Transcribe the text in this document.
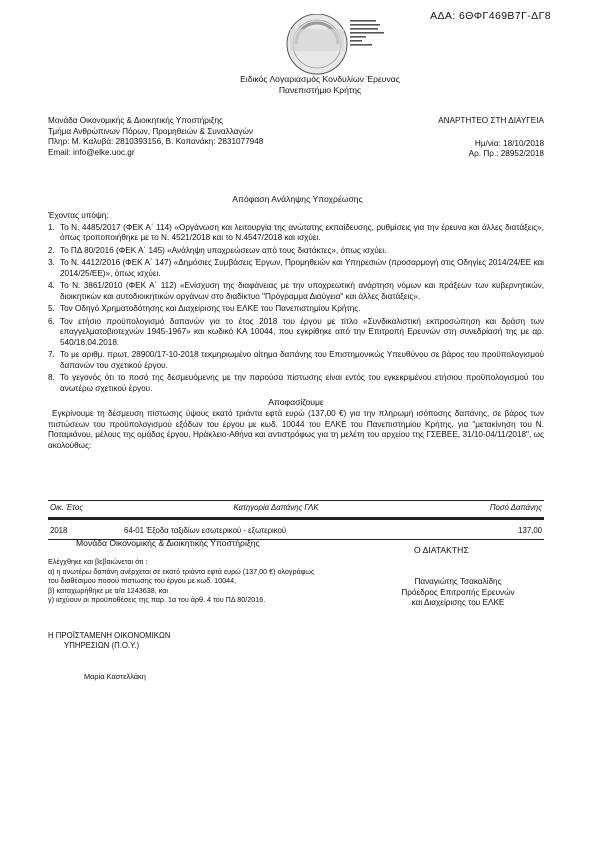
ΑΔΑ: 6ΘΦΓ469Β7Γ-ΔΓ8
Ειδικός Λογαριασμός Κονδυλίων Έρευνας
Πανεπιστήμιο Κρήτης
Μονάδα Οικονομικής & Διοικητικής Υποστήριξης
Τμήμα Ανθρώπινων Πόρων, Προμηθειών & Συναλλαγών
Πληρ: Μ. Καλυβά: 2810393156, Β. Κοπανάκη: 2831077948
Email: info@elke.uoc.gr
ΑΝΑΡΤΗΤΕΟ ΣΤΗ ΔΙΑΥΓΕΙΑ
Ημ/νία: 18/10/2018
Αρ. Πρ.: 28952/2018
Απόφαση Ανάληψης Υποχρέωσης
Έχοντας υπόψη:
1. Το Ν. 4485/2017 (ΦΕΚ Α΄ 114) «Οργάνωση και λειτουργία της ανώτατης εκπαίδευσης, ρυθμίσεις για την έρευνα και άλλες διατάξεις», όπως τροποποιήθηκε με το Ν. 4521/2018 και το Ν.4547/2018 και ισχύει.
2. Το ΠΔ 80/2016 (ΦΕΚ Α΄ 145) «Ανάληψη υποχρεώσεων από τους διατάκτες», όπως ισχύει.
3. Το Ν. 4412/2016 (ΦΕΚ Α΄ 147) «Δημόσιες Συμβάσεις Έργων, Προμηθειών και Υπηρεσιών (προσαρμογή στις Οδηγίες 2014/24/ΕΕ και 2014/25/ΕΕ)», όπως ισχύει.
4. Το Ν. 3861/2010 (ΦΕΚ Α΄ 112) «Ενίσχυση της διαφάνειας με την υποχρεωτική ανάρτηση νόμων και πράξεων των κυβερνητικών, διοικητικών και αυτοδιοικητικών οργάνων στο διαδίκτυο "Πρόγραμμα Διαύγεια" και άλλες διατάξεις».
5. Τον Οδηγό Χρηματοδότησης και Διαχείρισης του ΕΛΚΕ του Πανεπιστημίου Κρήτης.
6. Τον ετήσιο προϋπολογισμό δαπανών για το έτος 2018 του έργου με τίτλο «Συνδικαλιστική εκπροσώπηση και δράση των επαγγελματοβιοτεχνών 1945-1967» και κωδικό ΚΑ 10044, που εγκρίθηκε από την Επιτροπή Ερευνών στη συνεδρίασή της με αρ. 540/18.04.2018.
7. Το με αριθμ. πρωτ. 28900/17-10-2018 τεκμηριωμένο αίτημα δαπάνης του Επιστημονικώς Υπευθύνου σε βάρος του προϋπολογισμού δαπανών του σχετικού έργου.
8. Το γεγονός ότι το ποσό της δεσμευόμενης με την παρούσα πίστωσης είναι εντός του εγκεκριμένου ετήσιου προϋπολογισμού του ανωτέρω σχετικού έργου.
Αποφασίζουμε
Εγκρίνουμε τη δέσμευση πίστωσης ύψους εκατό τριάντα εφτά ευρώ (137,00 €) για την πληρωμή ισόποσης δαπάνης, σε βάρος των πιστώσεων του προϋπολογισμού εξόδων του έργου με κωδ. 10044 του ΕΛΚΕ του Πανεπιστημίου Κρήτης, για "μετακίνηση του Ν. Ποταμιάνου, μέλους της ομάδας έργου, Ηράκλειο-Αθήνα και αντιστρόφως για τη μελέτη του αρχείου της ΓΣΕΒΕΕ, 31/10-04/11/2018", ως ακολούθως:
Οικ. Έτος	Κατηγορία Δαπάνης ΓΛΚ	Ποσό Δαπάνης

2018	64-01 Έξοδα ταξιδίων εσωτερικού - εξωτερικού	137,00
Μονάδα Οικονομικής & Διοικητικής Υποστήριξης
Ελέγχθηκε και βεβαιώνεται ότι :
α) η ανωτέρω δαπάνη ανέρχεται σε εκατό τριάντα εφτά ευρώ (137,00 €) ολογράφως
του διαθέσιμου ποσού πίστωσης του έργου με κωδ. 10044,
β) καταχωρήθηκε με α/α 1243638, και
γ) ισχύουν οι προϋποθέσεις της παρ. 1α του άρθ. 4 του ΠΔ 80/2016.
Ο ΔΙΑΤΑΚΤΗΣ
Παναγιώτης Τσακαλίδης
Πρόεδρος Επιτροπής Ερευνών
και Διαχείρισης του ΕΛΚΕ
Η ΠΡΟΪΣΤΑΜΕΝΗ ΟΙΚΟΝΟΜΙΚΩΝ
ΥΠΗΡΕΣΙΩΝ (Π.Ο.Υ.)
Μαρία Καστελλάκη
